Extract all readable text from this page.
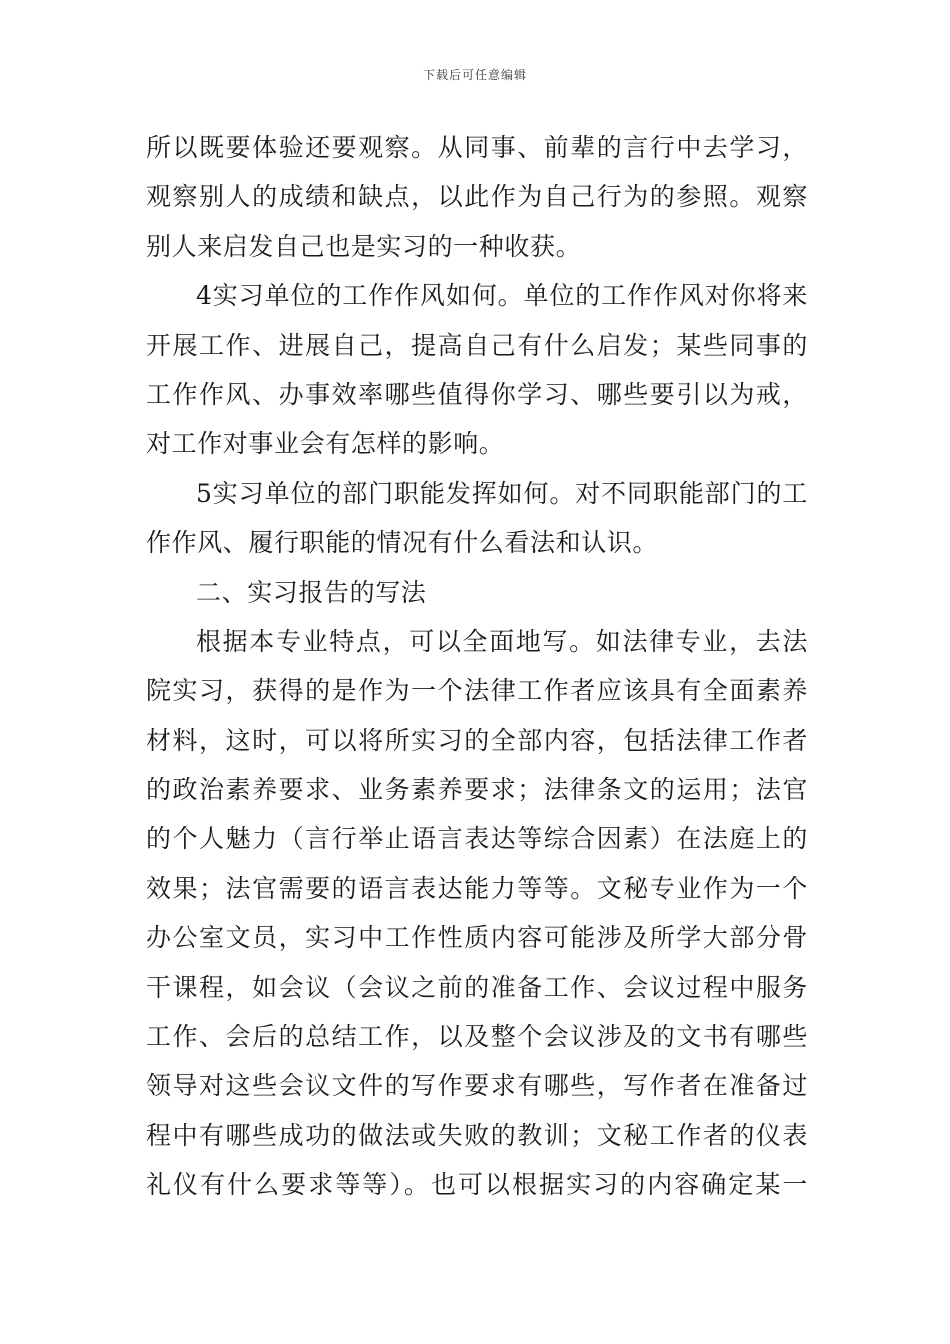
下载后可任意编辑
所以既要体验还要观察。从同事、前辈的言行中去学习，
观察别人的成绩和缺点，以此作为自己行为的参照。观察
别人来启发自己也是实习的一种收获。
4实习单位的工作作风如何。单位的工作作风对你将来
开展工作、进展自己，提高自己有什么启发；某些同事的
工作作风、办事效率哪些值得你学习、哪些要引以为戒，
对工作对事业会有怎样的影响。
5实习单位的部门职能发挥如何。对不同职能部门的工
作作风、履行职能的情况有什么看法和认识。
二、实习报告的写法
根据本专业特点，可以全面地写。如法律专业，去法
院实习，获得的是作为一个法律工作者应该具有全面素养
材料，这时，可以将所实习的全部内容，包括法律工作者
的政治素养要求、业务素养要求；法律条文的运用；法官
的个人魅力（言行举止语言表达等综合因素）在法庭上的
效果；法官需要的语言表达能力等等。文秘专业作为一个
办公室文员，实习中工作性质内容可能涉及所学大部分骨
干课程，如会议（会议之前的准备工作、会议过程中服务
工作、会后的总结工作，以及整个会议涉及的文书有哪些
领导对这些会议文件的写作要求有哪些，写作者在准备过
程中有哪些成功的做法或失败的教训；文秘工作者的仪表
礼仪有什么要求等等）。也可以根据实习的内容确定某一
